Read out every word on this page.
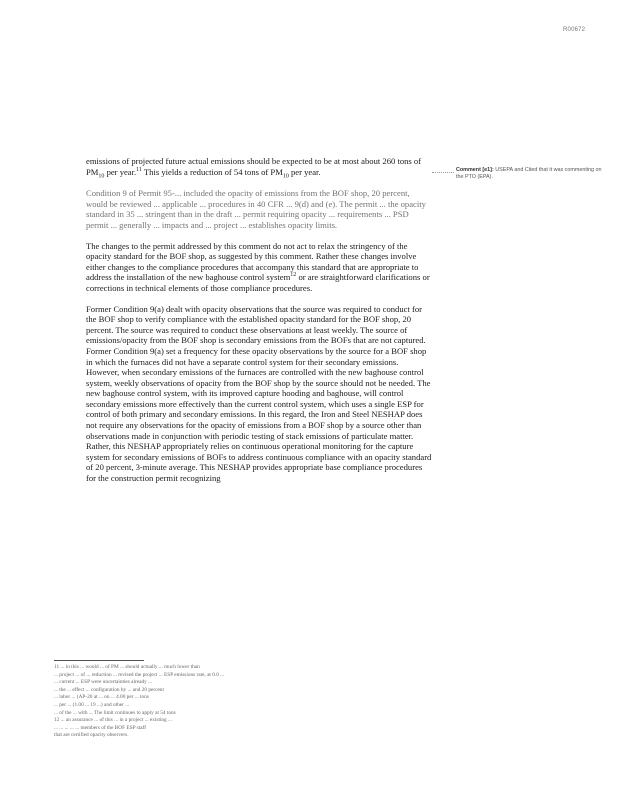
R00672

emissions of projected future actual emissions should be expected to be at most about 260 tons of $PM_{10}$ per year.$^{11}$ This yields a reduction of 54 tons of $PM_{10}$ per year.

Condition 9 of Permit 95-... included the opacity of emissions from the BOF shop, 20 percent, would be reviewed ... applicable ... procedures in 40 CFR ... 9(d) and (e). The permit ... the opacity standard in 35 ... stringent than in the draft ... permit requiring opacity ... requirements ... PSD permit ... generally ... impacts and ... project ... establishes opacity limits.

The changes to the permit addressed by this comment do not act to relax the stringency of the opacity standard for the BOF shop, as suggested by this comment. Rather these changes involve either changes to the compliance procedures that accompany this standard that are appropriate to address the installation of the new baghouse control system$^{12}$ or are straightforward clarifications or corrections in technical elements of those compliance procedures.

Former Condition 9(a) dealt with opacity observations that the source was required to conduct for the BOF shop to verify compliance with the established opacity standard for the BOF shop, 20 percent. The source was required to conduct these observations at least weekly. The source of emissions/opacity from the BOF shop is secondary emissions from the BOFs that are not captured. Former Condition 9(a) set a frequency for these opacity observations by the source for a BOF shop in which the furnaces did not have a separate control system for their secondary emissions. However, when secondary emissions of the furnaces are controlled with the new baghouse control system, weekly observations of opacity from the BOF shop by the source should not be needed. The new baghouse control system, with its improved capture hooding and baghouse, will control secondary emissions more effectively than the current control system, which uses a single ESP for control of both primary and secondary emissions. In this regard, the Iron and Steel NESHAP does not require any observations for the opacity of emissions from a BOF shop by a source other than observations made in conjunction with periodic testing of stack emissions of particulate matter. Rather, this NESHAP appropriately relies on continuous operational monitoring for the capture system for secondary emissions of BOFs to address continuous compliance with an opacity standard of 20 percent, 3-minute average. This NESHAP provides appropriate base compliance procedures for the construction permit recognizing

Comment [e1]: USEPA and Cited that it was commenting on the PTO (EPA).

11 ... in this ... would ... of PM ... should actually ... much lower than

... project ... of ... reduction ... revised the project ... ESP emissions rate, at 0.0 ...

... current ... ESP were uncertainties already ...

... the ... effect ... configuration by ... and 20 percent

... labor ... (AP-20 at ... on ... 4.00 per ... tons

... per ... (1.00 ... 19 ...) and other ...

... of the ... with ... The limit continues to apply at 54 tons

12 ... an assurance ... of this ... in a project ... existing ...

... ... ... ... ... members of the BOF ESP staff

that are certified opacity observers.
